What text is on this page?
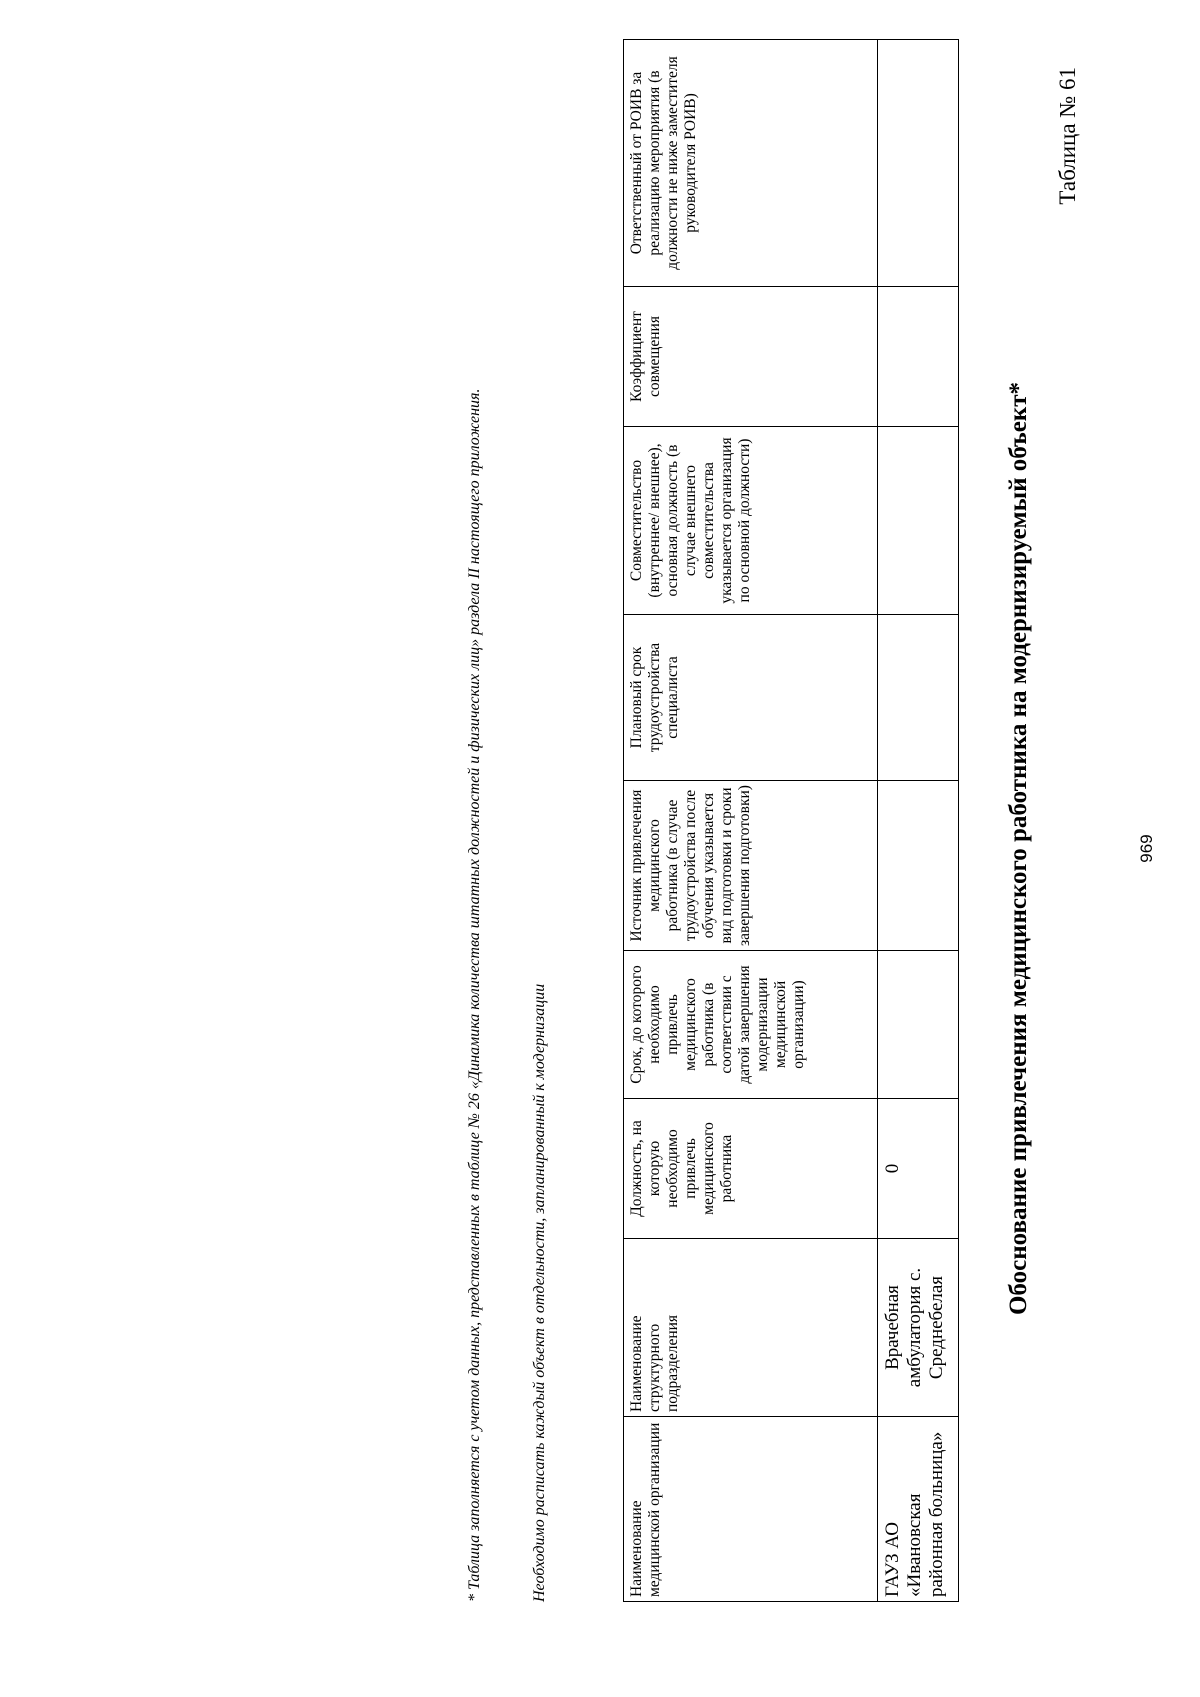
969
Таблица № 61
Обоснование привлечения медицинского работника на модернизируемый объект*
Наименование медицинской организации	Наименование структурного подразделения	Должность, на которую необходимо привлечь медицинского работника	Срок, до которого необходимо привлечь медицинского работника (в соответствии с датой завершения модернизации медицинской организации)	Источник привлечения медицинского работника (в случае трудоустройства после обучения указывается вид подготовки и сроки завершения подготовки)	Плановый срок трудоустройства специалиста	Совместительство (внутреннее/ внешнее), основная должность (в случае внешнего совместительства указывается организация по основной должности)	Коэффициент совмещения	Ответственный от РОИВ за реализацию мероприятия (в должности не ниже заместителя руководителя РОИВ)
ГАУЗ АО «Ивановская районная больница»	Врачебная амбулатория с. Среднебелая	0						
Необходимо расписать каждый объект в отдельности, запланированный к модернизации
* Таблица заполняется с учетом данных, представленных в таблице № 26 «Динамика количества штатных должностей и физических лиц» раздела II настоящего приложения.
